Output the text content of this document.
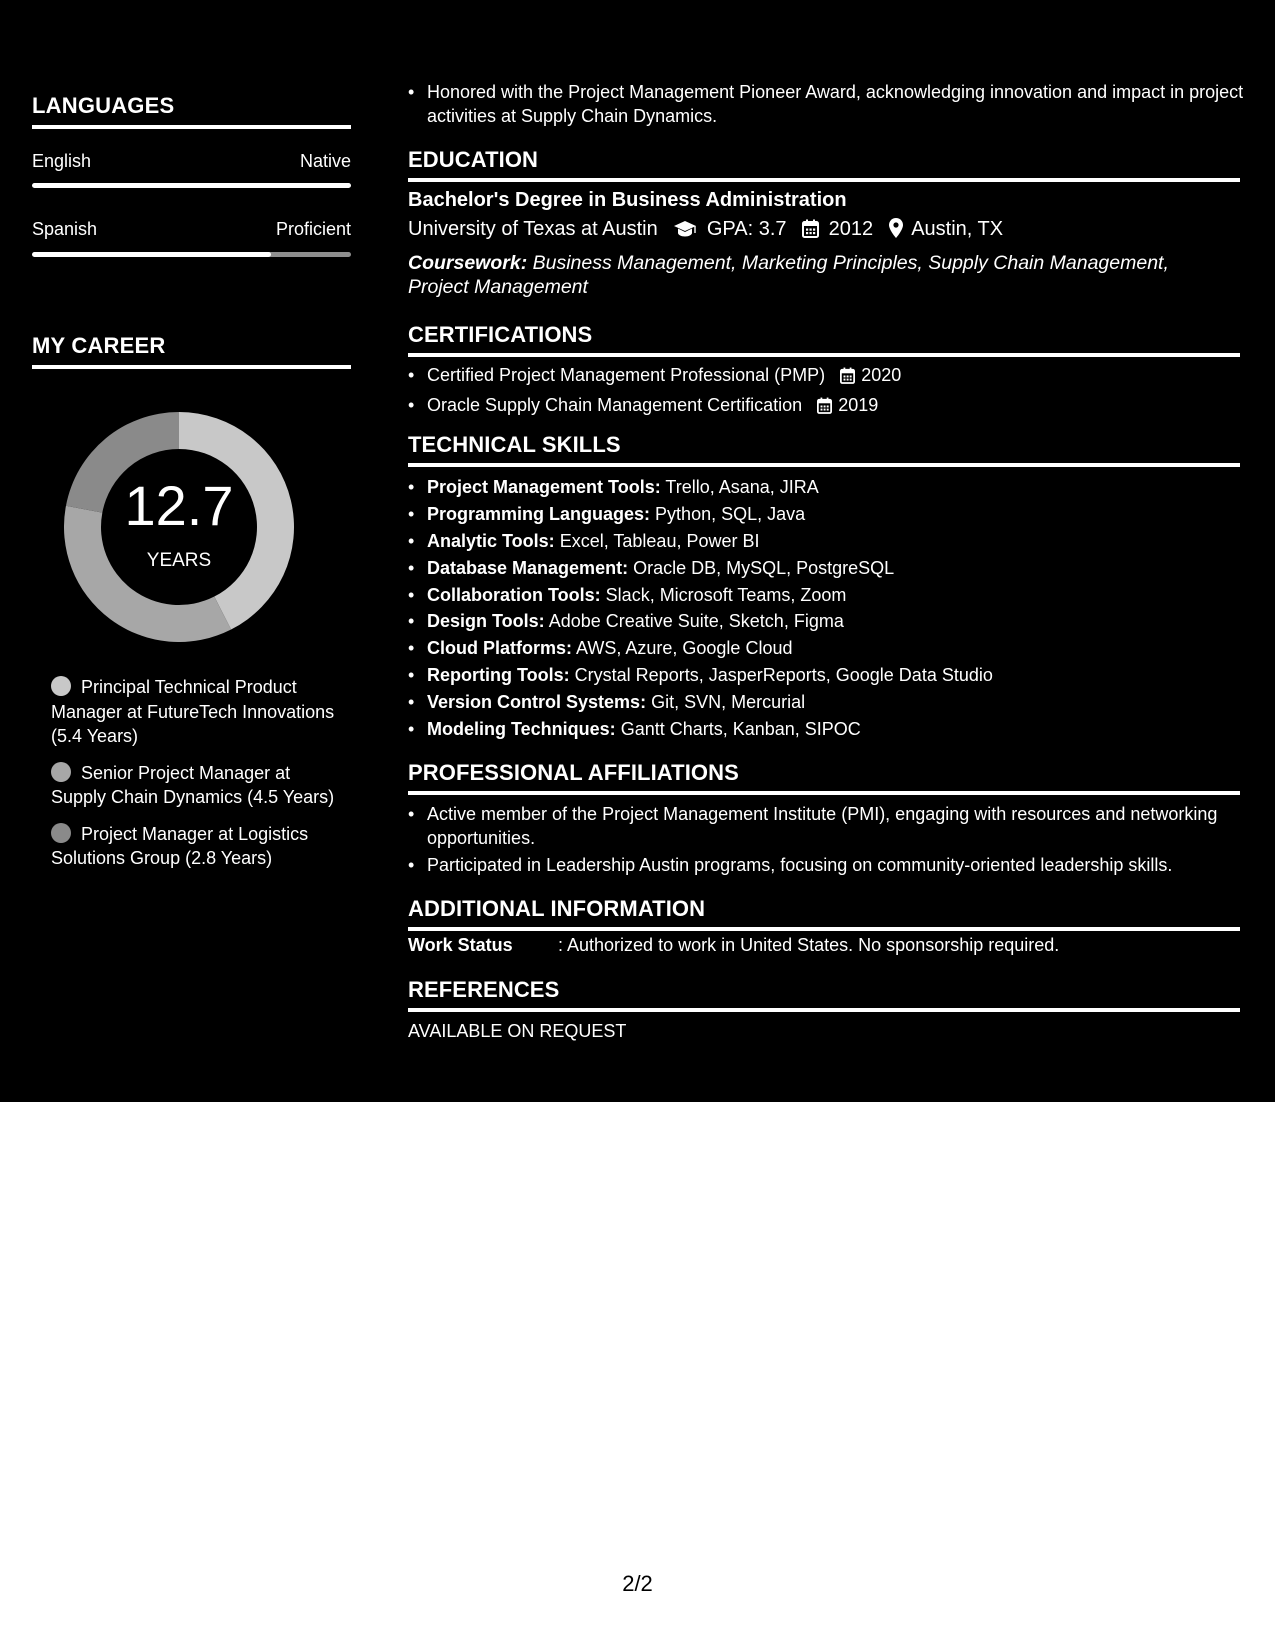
LANGUAGES
English	Native
Spanish	Proficient
MY CAREER
12.7
YEARS
Principal Technical Product Manager at FutureTech Innovations (5.4 Years)
Senior Project Manager at Supply Chain Dynamics (4.5 Years)
Project Manager at Logistics Solutions Group (2.8 Years)
• Honored with the Project Management Pioneer Award, acknowledging innovation and impact in project activities at Supply Chain Dynamics.
EDUCATION
Bachelor's Degree in Business Administration
University of Texas at Austin GPA: 3.7 2012 Austin, TX
Coursework: Business Management, Marketing Principles, Supply Chain Management, Project Management
CERTIFICATIONS
• Certified Project Management Professional (PMP) 2020
• Oracle Supply Chain Management Certification 2019
TECHNICAL SKILLS
• Project Management Tools: Trello, Asana, JIRA
• Programming Languages: Python, SQL, Java
• Analytic Tools: Excel, Tableau, Power BI
• Database Management: Oracle DB, MySQL, PostgreSQL
• Collaboration Tools: Slack, Microsoft Teams, Zoom
• Design Tools: Adobe Creative Suite, Sketch, Figma
• Cloud Platforms: AWS, Azure, Google Cloud
• Reporting Tools: Crystal Reports, JasperReports, Google Data Studio
• Version Control Systems: Git, SVN, Mercurial
• Modeling Techniques: Gantt Charts, Kanban, SIPOC
PROFESSIONAL AFFILIATIONS
• Active member of the Project Management Institute (PMI), engaging with resources and networking opportunities.
• Participated in Leadership Austin programs, focusing on community-oriented leadership skills.
ADDITIONAL INFORMATION
Work Status	: Authorized to work in United States. No sponsorship required.
REFERENCES
AVAILABLE ON REQUEST
2/2
